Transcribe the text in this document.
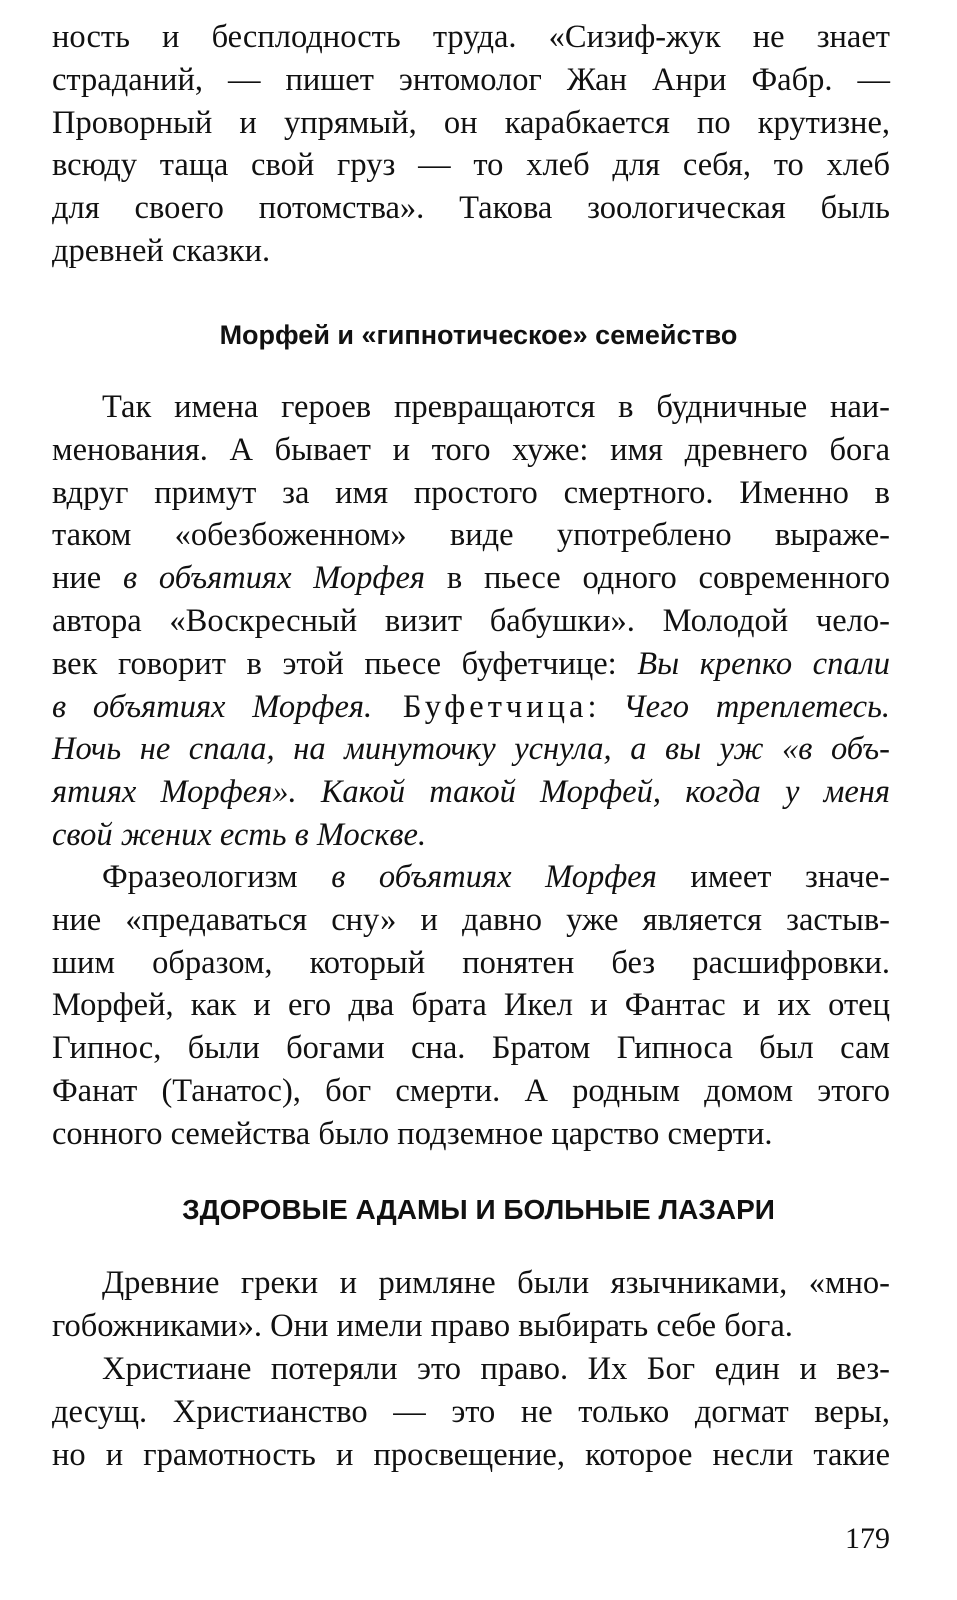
ность и бесплодность труда. «Сизиф-жук не знает
страданий, — пишет энтомолог Жан Анри Фабр. —
Проворный и упрямый, он карабкается по крутизне,
всюду таща свой груз — то хлеб для себя, то хлеб
для своего потомства». Такова зоологическая быль
древней сказки.
Морфей и «гипнотическое» семейство
Так имена героев превращаются в будничные наи-
менования. А бывает и того хуже: имя древнего бога
вдруг примут за имя простого смертного. Именно в
таком «обезбоженном» виде употреблено выраже-
ние в объятиях Морфея в пьесе одного современного
автора «Воскресный визит бабушки». Молодой чело-
век говорит в этой пьесе буфетчице: Вы крепко спали
в объятиях Морфея. Буфетчица: Чего треплетесь.
Ночь не спала, на минуточку уснула, а вы уж «в объ-
ятиях Морфея». Какой такой Морфей, когда у меня
свой жених есть в Москве.
Фразеологизм в объятиях Морфея имеет значе-
ние «предаваться сну» и давно уже является застыв-
шим образом, который понятен без расшифровки.
Морфей, как и его два брата Икел и Фантас и их отец
Гипнос, были богами сна. Братом Гипноса был сам
Фанат (Танатос), бог смерти. А родным домом этого
сонного семейства было подземное царство смерти.
ЗДОРОВЫЕ АДАМЫ И БОЛЬНЫЕ ЛАЗАРИ
Древние греки и римляне были язычниками, «мно-
гобожниками». Они имели право выбирать себе бога.
Христиане потеряли это право. Их Бог един и вез-
десущ. Христианство — это не только догмат веры,
но и грамотность и просвещение, которое несли такие
179
